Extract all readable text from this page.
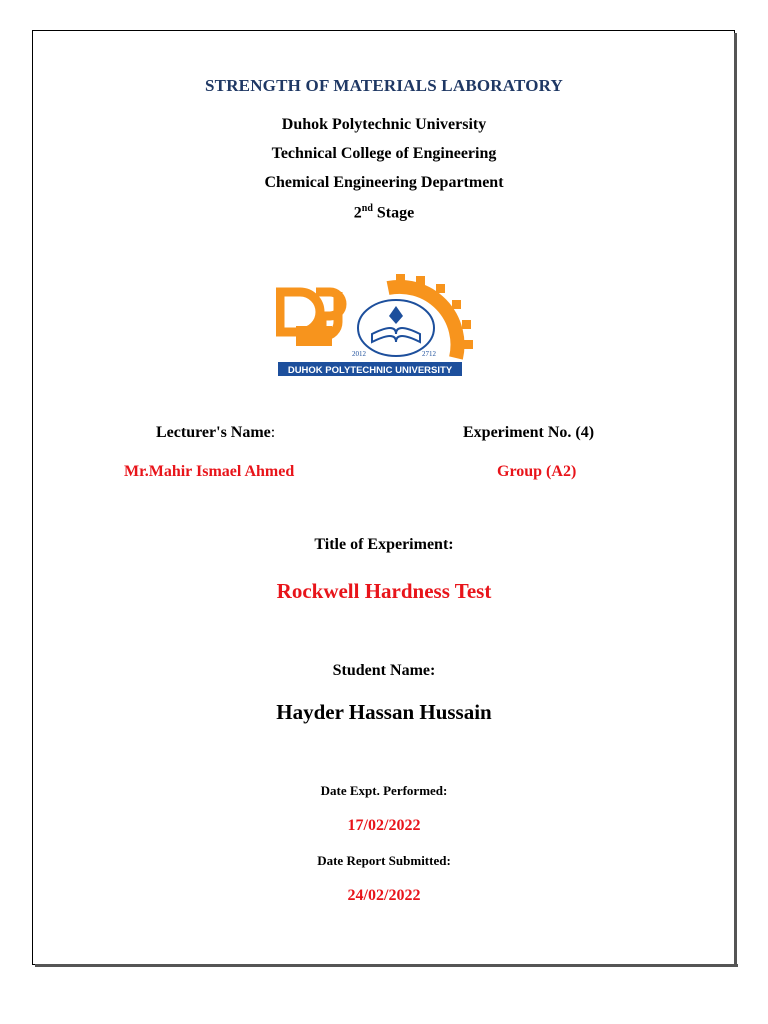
STRENGTH OF MATERIALS LABORATORY
Duhok Polytechnic University
Technical College of Engineering
Chemical Engineering Department
2nd Stage
2012	2712
DUHOK POLYTECHNIC UNIVERSITY
Lecturer's Name:	Experiment No. (4)
Mr.Mahir Ismael Ahmed	Group (A2)
Title of Experiment:
Rockwell Hardness Test
Student Name:
Hayder Hassan Hussain
Date Expt. Performed:
17/02/2022
Date Report Submitted:
24/02/2022
